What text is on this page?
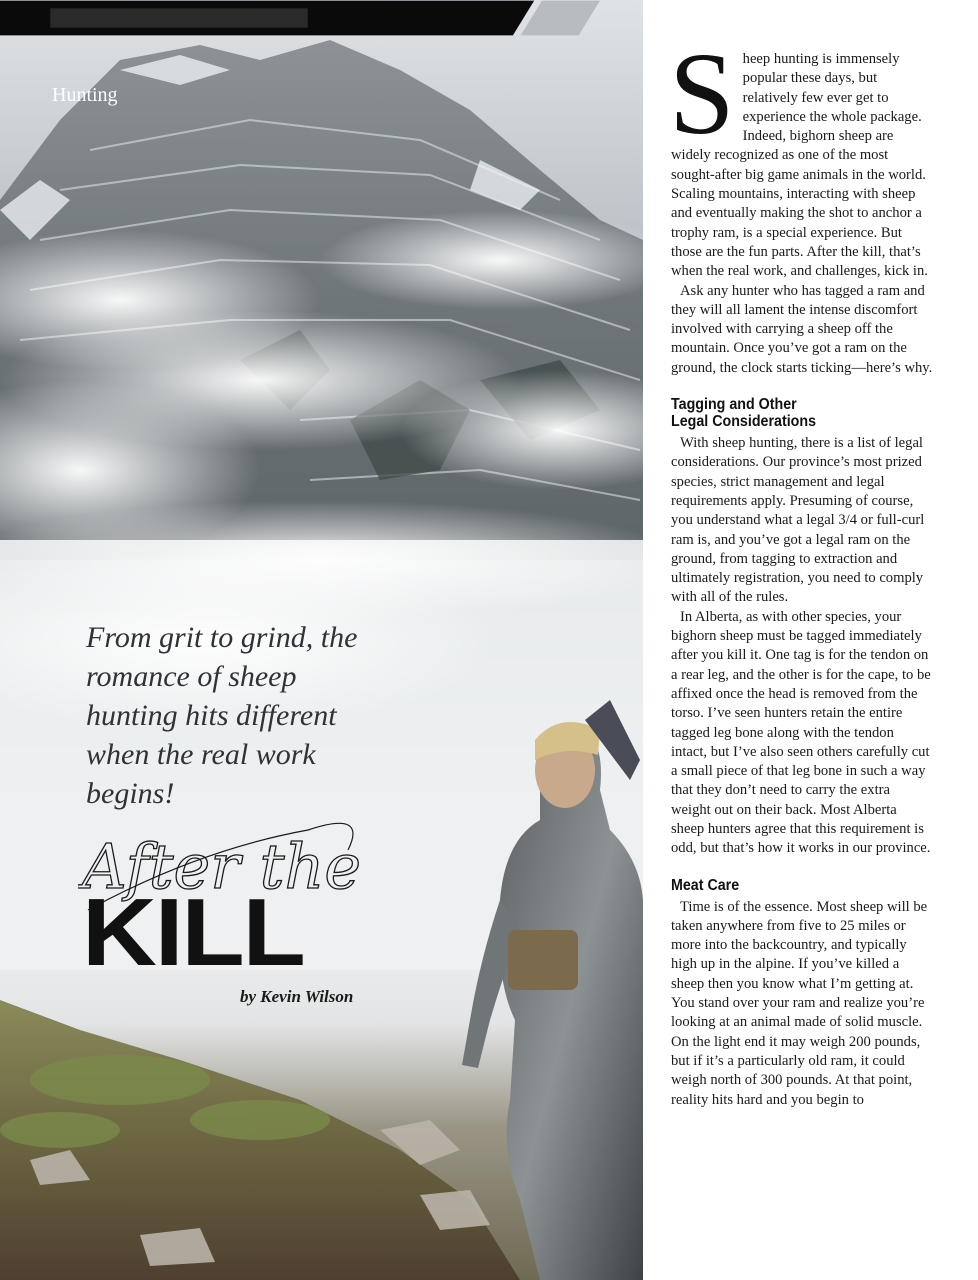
Hunting
From grit to grind, the romance of sheep hunting hits different when the real work begins!
After the
KILL
by Kevin Wilson

Sheep hunting is immensely popular these days, but relatively few ever get to experience the whole package. Indeed, bighorn sheep are widely recognized as one of the most sought-after big game animals in the world. Scaling mountains, interacting with sheep and eventually making the shot to anchor a trophy ram, is a special experience. But those are the fun parts. After the kill, that’s when the real work, and challenges, kick in.

Ask any hunter who has tagged a ram and they will all lament the intense discomfort involved with carrying a sheep off the mountain. Once you’ve got a ram on the ground, the clock starts ticking—here’s why.

Tagging and Other
Legal Considerations

With sheep hunting, there is a list of legal considerations. Our province’s most prized species, strict management and legal requirements apply. Presuming of course, you understand what a legal 3/4 or full-curl ram is, and you’ve got a legal ram on the ground, from tagging to extraction and ultimately registration, you need to comply with all of the rules.

In Alberta, as with other species, your bighorn sheep must be tagged immediately after you kill it. One tag is for the tendon on a rear leg, and the other is for the cape, to be affixed once the head is removed from the torso. I’ve seen hunters retain the entire tagged leg bone along with the tendon intact, but I’ve also seen others carefully cut a small piece of that leg bone in such a way that they don’t need to carry the extra weight out on their back. Most Alberta sheep hunters agree that this requirement is odd, but that’s how it works in our province.

Meat Care

Time is of the essence. Most sheep will be taken anywhere from five to 25 miles or more into the backcountry, and typically high up in the alpine. If you’ve killed a sheep then you know what I’m getting at. You stand over your ram and realize you’re looking at an animal made of solid muscle. On the light end it may weigh 200 pounds, but if it’s a particularly old ram, it could weigh north of 300 pounds. At that point, reality hits hard and you begin to
